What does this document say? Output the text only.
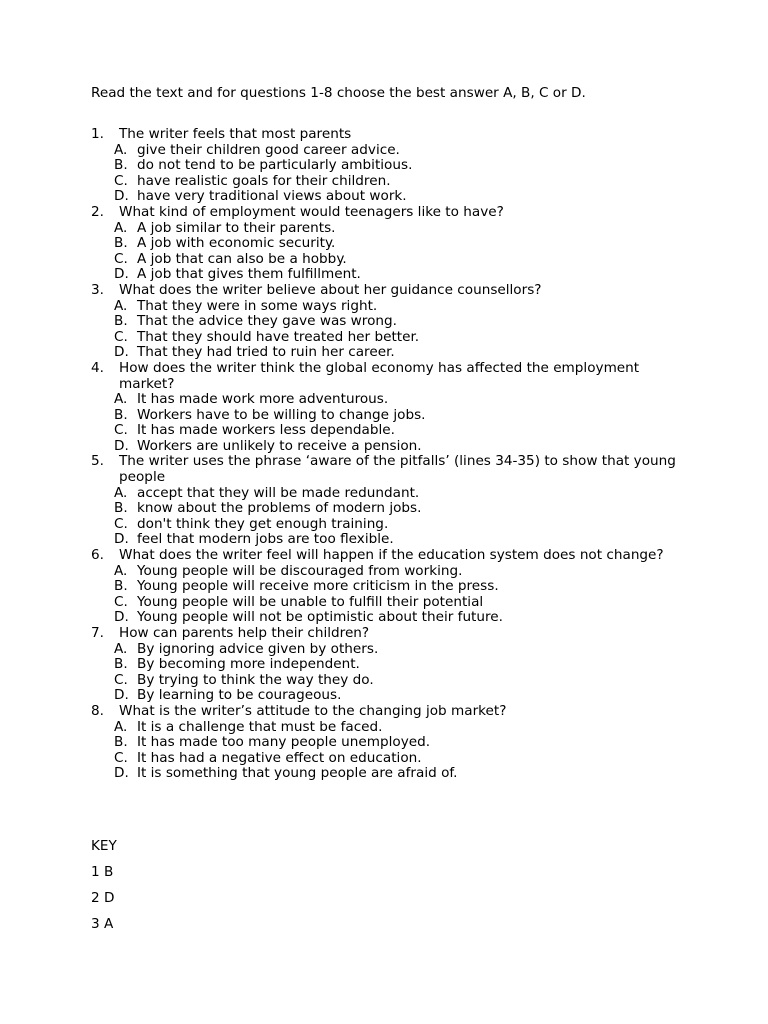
Read the text and for questions 1-8 choose the best answer A, B, C or D.
1.	The writer feels that most parents
A. give their children good career advice.
B. do not tend to be particularly ambitious.
C. have realistic goals for their children.
D. have very traditional views about work.
2.	What kind of employment would teenagers like to have?
A. A job similar to their parents.
B. A job with economic security.
C. A job that can also be a hobby.
D. A job that gives them fulfillment.
3.	What does the writer believe about her guidance counsellors?
A. That they were in some ways right.
B. That the advice they gave was wrong.
C. That they should have treated her better.
D. That they had tried to ruin her career.
4.	How does the writer think the global economy has affected the employment market?
A. It has made work more adventurous.
B. Workers have to be willing to change jobs.
C. It has made workers less dependable.
D. Workers are unlikely to receive a pension.
5.	The writer uses the phrase ‘aware of the pitfalls’ (lines 34-35) to show that young people
A. accept that they will be made redundant.
B. know about the problems of modern jobs.
C. don't think they get enough training.
D. feel that modern jobs are too flexible.
6.	What does the writer feel will happen if the education system does not change?
A. Young people will be discouraged from working.
B. Young people will receive more criticism in the press.
C. Young people will be unable to fulfill their potential
D. Young people will not be optimistic about their future.
7.	How can parents help their children?
A. By ignoring advice given by others.
B. By becoming more independent.
C. By trying to think the way they do.
D. By learning to be courageous.
8.	What is the writer’s attitude to the changing job market?
A. It is a challenge that must be faced.
B. It has made too many people unemployed.
C. It has had a negative effect on education.
D. It is something that young people are afraid of.
KEY
1 B
2 D
3 A
